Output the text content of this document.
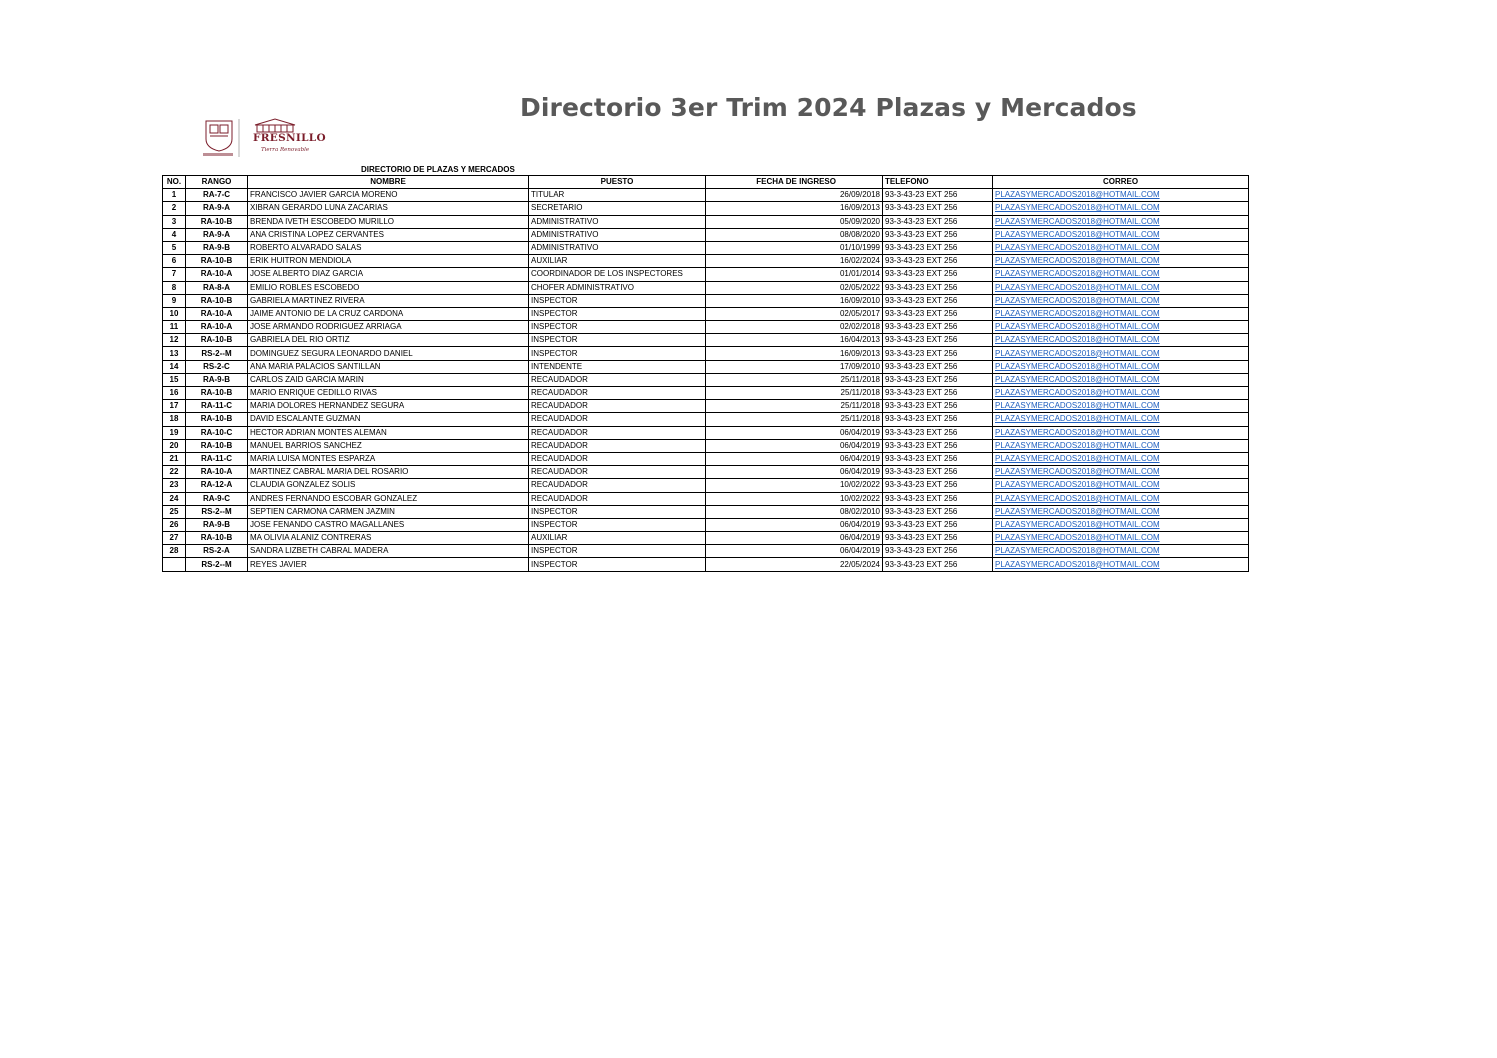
Directorio 3er Trim 2024 Plazas y Mercados
FRESNILLO
Tierra Renovable
DIRECTORIO DE PLAZAS Y MERCADOS
NO.	RANGO	NOMBRE	PUESTO	FECHA DE INGRESO	TELEFONO	CORREO
1	RA-7-C	FRANCISCO JAVIER GARCIA MORENO	TITULAR	26/09/2018	93-3-43-23 EXT 256	PLAZASYMERCADOS2018@HOTMAIL.COM
2	RA-9-A	XIBRAN GERARDO LUNA ZACARIAS	SECRETARIO	16/09/2013	93-3-43-23 EXT 256	PLAZASYMERCADOS2018@HOTMAIL.COM
3	RA-10-B	BRENDA IVETH ESCOBEDO MURILLO	ADMINISTRATIVO	05/09/2020	93-3-43-23 EXT 256	PLAZASYMERCADOS2018@HOTMAIL.COM
4	RA-9-A	ANA CRISTINA LOPEZ CERVANTES	ADMINISTRATIVO	08/08/2020	93-3-43-23 EXT 256	PLAZASYMERCADOS2018@HOTMAIL.COM
5	RA-9-B	ROBERTO ALVARADO SALAS	ADMINISTRATIVO	01/10/1999	93-3-43-23 EXT 256	PLAZASYMERCADOS2018@HOTMAIL.COM
6	RA-10-B	ERIK HUITRON MENDIOLA	AUXILIAR	16/02/2024	93-3-43-23 EXT 256	PLAZASYMERCADOS2018@HOTMAIL.COM
7	RA-10-A	JOSE ALBERTO DIAZ GARCIA	COORDINADOR DE LOS INSPECTORES	01/01/2014	93-3-43-23 EXT 256	PLAZASYMERCADOS2018@HOTMAIL.COM
8	RA-8-A	EMILIO ROBLES ESCOBEDO	CHOFER ADMINISTRATIVO	02/05/2022	93-3-43-23 EXT 256	PLAZASYMERCADOS2018@HOTMAIL.COM
9	RA-10-B	GABRIELA MARTINEZ RIVERA	INSPECTOR	16/09/2010	93-3-43-23 EXT 256	PLAZASYMERCADOS2018@HOTMAIL.COM
10	RA-10-A	JAIME ANTONIO DE LA CRUZ CARDONA	INSPECTOR	02/05/2017	93-3-43-23 EXT 256	PLAZASYMERCADOS2018@HOTMAIL.COM
11	RA-10-A	JOSE ARMANDO RODRIGUEZ ARRIAGA	INSPECTOR	02/02/2018	93-3-43-23 EXT 256	PLAZASYMERCADOS2018@HOTMAIL.COM
12	RA-10-B	GABRIELA DEL RIO ORTIZ	INSPECTOR	16/04/2013	93-3-43-23 EXT 256	PLAZASYMERCADOS2018@HOTMAIL.COM
13	RS-2--M	DOMINGUEZ SEGURA LEONARDO DANIEL	INSPECTOR	16/09/2013	93-3-43-23 EXT 256	PLAZASYMERCADOS2018@HOTMAIL.COM
14	RS-2-C	ANA MARIA PALACIOS SANTILLAN	INTENDENTE	17/09/2010	93-3-43-23 EXT 256	PLAZASYMERCADOS2018@HOTMAIL.COM
15	RA-9-B	CARLOS ZAID GARCIA MARIN	RECAUDADOR	25/11/2018	93-3-43-23 EXT 256	PLAZASYMERCADOS2018@HOTMAIL.COM
16	RA-10-B	MARIO ENRIQUE CEDILLO RIVAS	RECAUDADOR	25/11/2018	93-3-43-23 EXT 256	PLAZASYMERCADOS2018@HOTMAIL.COM
17	RA-11-C	MARIA DOLORES HERNANDEZ SEGURA	RECAUDADOR	25/11/2018	93-3-43-23 EXT 256	PLAZASYMERCADOS2018@HOTMAIL.COM
18	RA-10-B	DAVID ESCALANTE GUZMAN	RECAUDADOR	25/11/2018	93-3-43-23 EXT 256	PLAZASYMERCADOS2018@HOTMAIL.COM
19	RA-10-C	HECTOR ADRIAN MONTES ALEMAN	RECAUDADOR	06/04/2019	93-3-43-23 EXT 256	PLAZASYMERCADOS2018@HOTMAIL.COM
20	RA-10-B	MANUEL BARRIOS SANCHEZ	RECAUDADOR	06/04/2019	93-3-43-23 EXT 256	PLAZASYMERCADOS2018@HOTMAIL.COM
21	RA-11-C	MARIA LUISA MONTES ESPARZA	RECAUDADOR	06/04/2019	93-3-43-23 EXT 256	PLAZASYMERCADOS2018@HOTMAIL.COM
22	RA-10-A	MARTINEZ CABRAL MARIA DEL ROSARIO	RECAUDADOR	06/04/2019	93-3-43-23 EXT 256	PLAZASYMERCADOS2018@HOTMAIL.COM
23	RA-12-A	CLAUDIA GONZALEZ SOLIS	RECAUDADOR	10/02/2022	93-3-43-23 EXT 256	PLAZASYMERCADOS2018@HOTMAIL.COM
24	RA-9-C	ANDRES FERNANDO ESCOBAR GONZALEZ	RECAUDADOR	10/02/2022	93-3-43-23 EXT 256	PLAZASYMERCADOS2018@HOTMAIL.COM
25	RS-2--M	SEPTIEN CARMONA CARMEN JAZMIN	INSPECTOR	08/02/2010	93-3-43-23 EXT 256	PLAZASYMERCADOS2018@HOTMAIL.COM
26	RA-9-B	JOSE FENANDO CASTRO MAGALLANES	INSPECTOR	06/04/2019	93-3-43-23 EXT 256	PLAZASYMERCADOS2018@HOTMAIL.COM
27	RA-10-B	MA OLIVIA ALANIZ CONTRERAS	AUXILIAR	06/04/2019	93-3-43-23 EXT 256	PLAZASYMERCADOS2018@HOTMAIL.COM
28	RS-2-A	SANDRA LIZBETH CABRAL MADERA	INSPECTOR	06/04/2019	93-3-43-23 EXT 256	PLAZASYMERCADOS2018@HOTMAIL.COM
	RS-2--M	REYES JAVIER	INSPECTOR	22/05/2024	93-3-43-23 EXT 256	PLAZASYMERCADOS2018@HOTMAIL.COM
